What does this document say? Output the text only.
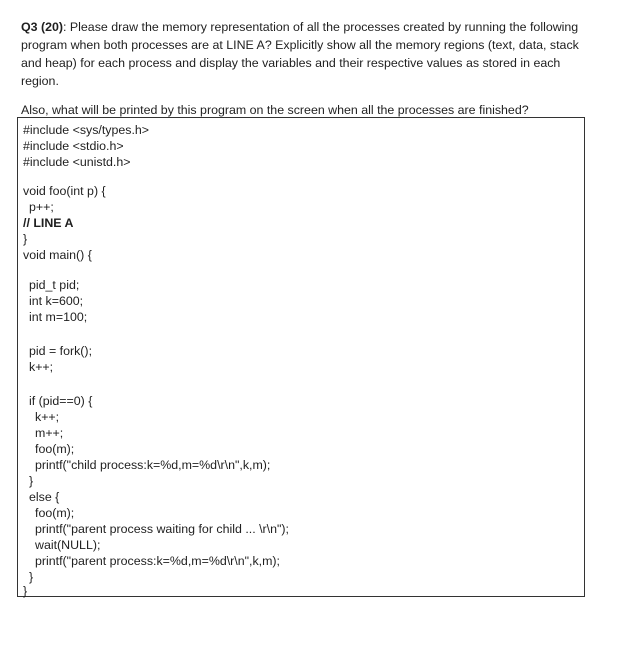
Q3 (20): Please draw the memory representation of all the processes created by running the following program when both processes are at LINE A? Explicitly show all the memory regions (text, data, stack and heap) for each process and display the variables and their respective values as stored in each region.

Also, what will be printed by this program on the screen when all the processes are finished?

#include <sys/types.h>
#include <stdio.h>
#include <unistd.h>
void foo(int p) {
p++;
// LINE A
}
void main() {
pid_t pid;
int k=600;
int m=100;
pid = fork();
k++;
if (pid==0) {
k++;
m++;
foo(m);
printf("child process:k=%d,m=%d\r\n",k,m);
}
else {
foo(m);
printf("parent process waiting for child ... \r\n");
wait(NULL);
printf("parent process:k=%d,m=%d\r\n",k,m);
}
}
